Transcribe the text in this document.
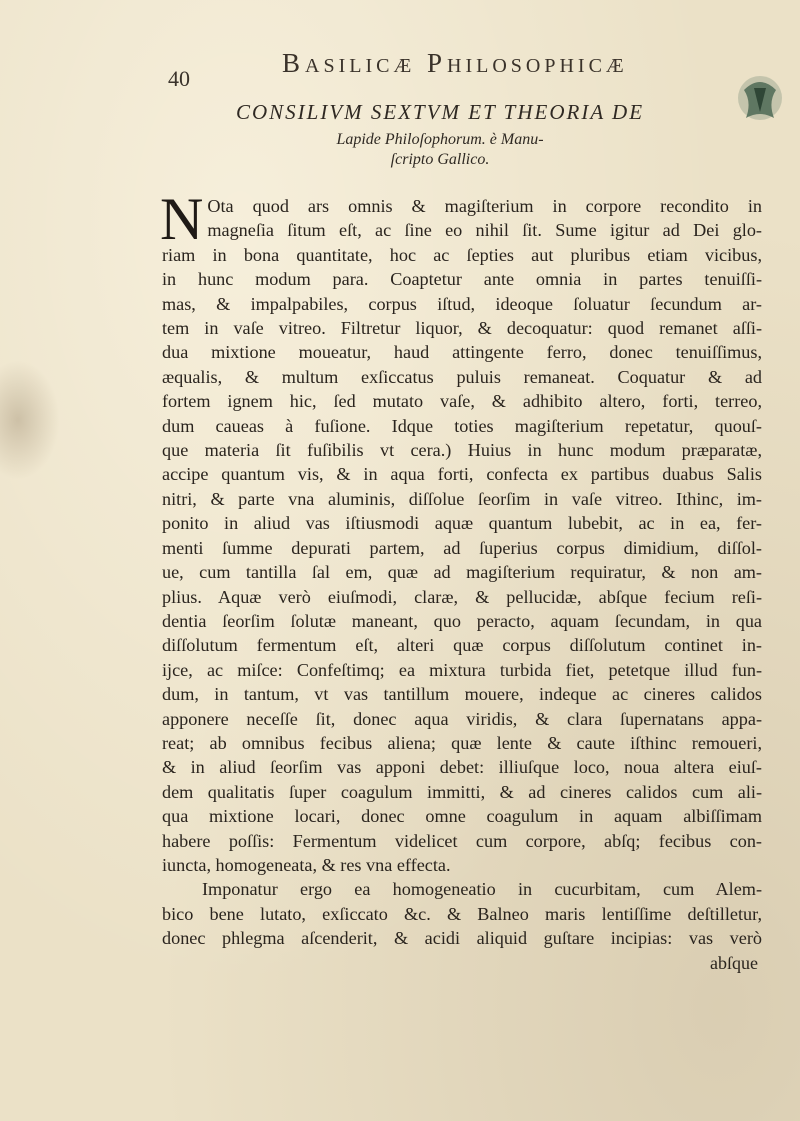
40
BASILICÆ PHILOSOPHICÆ
CONSILIVM SEXTVM ET THEORIA DE
Lapide Philoſophorum. è Manu-
ſcripto Gallico.
N Ota quod ars omnis & magiſterium in corpore recondito in
magneſia ſitum eſt, ac ſine eo nihil ſit. Sume igitur ad Dei glo-
riam in bona quantitate, hoc ac ſepties aut pluribus etiam vicibus,
in hunc modum para. Coaptetur ante omnia in partes tenuiſſi-
mas, & impalpabiles, corpus iſtud, ideoque ſoluatur ſecundum ar-
tem in vaſe vitreo. Filtretur liquor, & decoquatur: quod remanet aſſi-
dua mixtione moueatur, haud attingente ferro, donec tenuiſſimus,
æqualis, & multum exſiccatus puluis remaneat. Coquatur & ad
fortem ignem hic, ſed mutato vaſe, & adhibito altero, forti, terreo,
dum caueas à fuſione. Idque toties magiſterium repetatur, quouſ-
que materia ſit fuſibilis vt cera.) Huius in hunc modum præparatæ,
accipe quantum vis, & in aqua forti, confecta ex partibus duabus Salis
nitri, & parte vna aluminis, diſſolue ſeorſim in vaſe vitreo. Ithinc, im-
ponito in aliud vas iſtiusmodi aquæ quantum lubebit, ac in ea, fer-
menti ſumme depurati partem, ad ſuperius corpus dimidium, diſſol-
ue, cum tantilla ſal em, quæ ad magiſterium requiratur, & non am-
plius. Aquæ verò eiuſmodi, claræ, & pellucidæ, abſque fecium reſi-
dentia ſeorſim ſolutæ maneant, quo peracto, aquam ſecundam, in qua
diſſolutum fermentum eſt, alteri quæ corpus diſſolutum continet in-
ijce, ac miſce: Confeſtimq; ea mixtura turbida fiet, petetque illud fun-
dum, in tantum, vt vas tantillum mouere, indeque ac cineres calidos
apponere neceſſe ſit, donec aqua viridis, & clara ſupernatans appa-
reat; ab omnibus fecibus aliena; quæ lente & caute iſthinc remoueri,
& in aliud ſeorſim vas apponi debet: illiuſque loco, noua altera eiuſ-
dem qualitatis ſuper coagulum immitti, & ad cineres calidos cum ali-
qua mixtione locari, donec omne coagulum in aquam albiſſimam
habere poſſis: Fermentum videlicet cum corpore, abſq; fecibus con-
iuncta, homogeneata, & res vna effecta.
Imponatur ergo ea homogeneatio in cucurbitam, cum Alem-
bico bene lutato, exſiccato &c. & Balneo maris lentiſſime deſtilletur,
donec phlegma aſcenderit, & acidi aliquid guſtare incipias: vas verò
abſque
